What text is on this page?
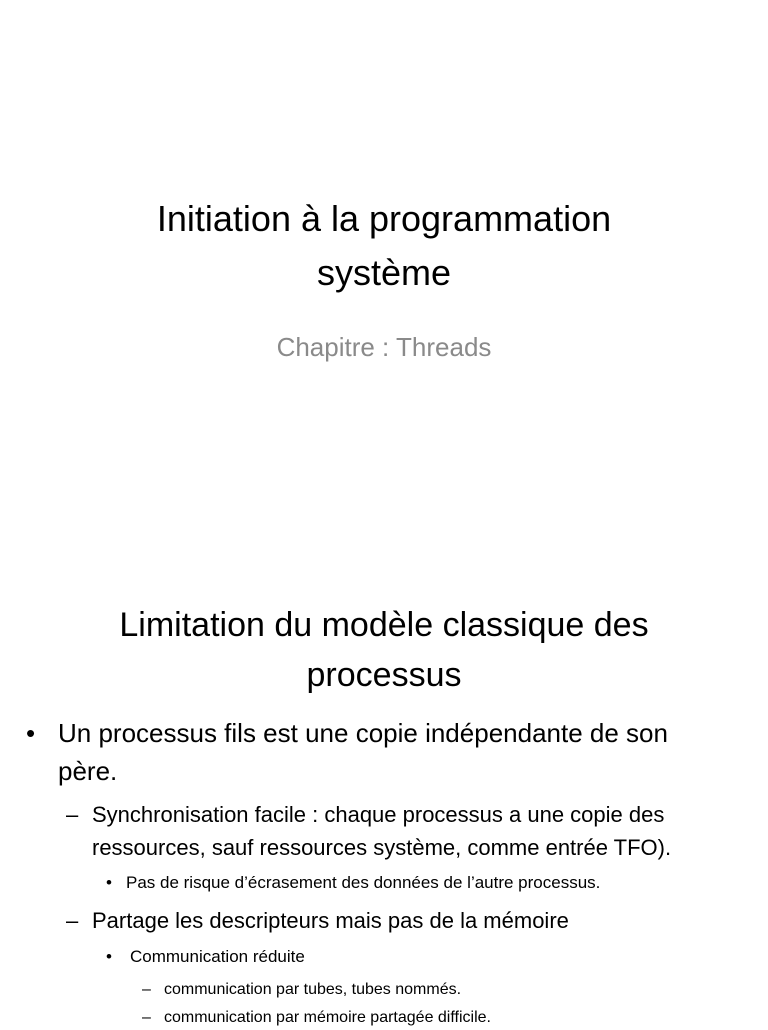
Initiation à la programmation
système
Chapitre : Threads
Limitation du modèle classique des
processus

• Un processus fils est une copie indépendante de son
père.

– Synchronisation facile : chaque processus a une copie des
ressources, sauf ressources système, comme entrée TFO).

• Pas de risque d’écrasement des données de l’autre processus.

– Partage les descripteurs mais pas de la mémoire

• Communication réduite

– communication par tubes, tubes nommés.

– communication par mémoire partagée difficile.
